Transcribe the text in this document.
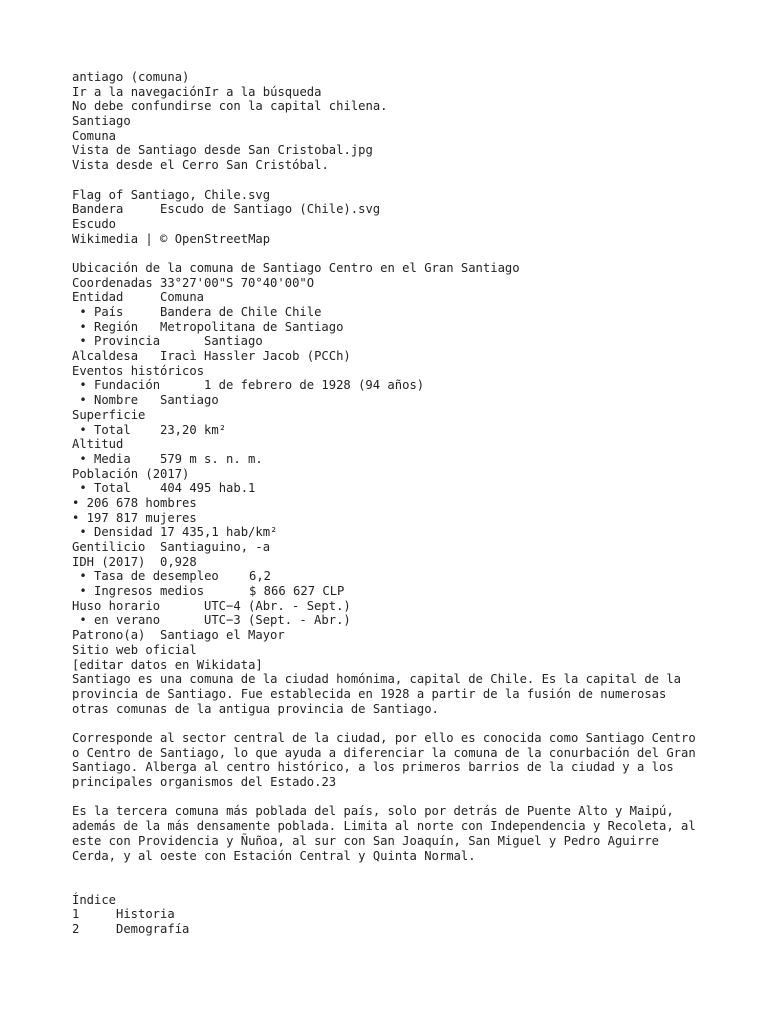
antiago (comuna)
Ir a la navegaciónIr a la búsqueda
No debe confundirse con la capital chilena.
Santiago
Comuna
Vista de Santiago desde San Cristobal.jpg
Vista desde el Cerro San Cristóbal.
Flag of Santiago, Chile.svg
Bandera	Escudo de Santiago (Chile).svg
Escudo
Wikimedia | © OpenStreetMap
Ubicación de la comuna de Santiago Centro en el Gran Santiago
Coordenadas 33°27'00"S 70°40'00"O
Entidad	Comuna
• País	Bandera de Chile Chile
• Región Metropolitana de Santiago
• Provincia	Santiago
Alcaldesa Iracì Hassler Jacob (PCCh)
Eventos históricos
• Fundación	1 de febrero de 1928 (94 años)
• Nombre Santiago
Superficie
• Total 23,20 km²
Altitud
• Media 579 m s. n. m.
Población (2017)
• Total 404 495 hab.1
• 206 678 hombres
• 197 817 mujeres
• Densidad 17 435,1 hab/km²
Gentilicio Santiaguino, -a
IDH (2017) 0,928
• Tasa de desempleo 6,2
• Ingresos medios	$ 866 627 CLP
Huso horario	UTC−4 (Abr. - Sept.)
• en verano	UTC−3 (Sept. - Abr.)
Patrono(a) Santiago el Mayor
Sitio web oficial
[editar datos en Wikidata]

Santiago es una comuna de la ciudad homónima, capital de Chile. Es la capital de la provincia de Santiago. Fue establecida en 1928 a partir de la fusión de numerosas otras comunas de la antigua provincia de Santiago.

Corresponde al sector central de la ciudad, por ello es conocida como Santiago Centro o Centro de Santiago, lo que ayuda a diferenciar la comuna de la conurbación del Gran Santiago. Alberga al centro histórico, a los primeros barrios de la ciudad y a los principales organismos del Estado.23

Es la tercera comuna más poblada del país, solo por detrás de Puente Alto y Maipú, además de la más densamente poblada. Limita al norte con Independencia y Recoleta, al este con Providencia y Ñuñoa, al sur con San Joaquín, San Miguel y Pedro Aguirre Cerda, y al oeste con Estación Central y Quinta Normal.

Índice
1	Historia
2	Demografía
